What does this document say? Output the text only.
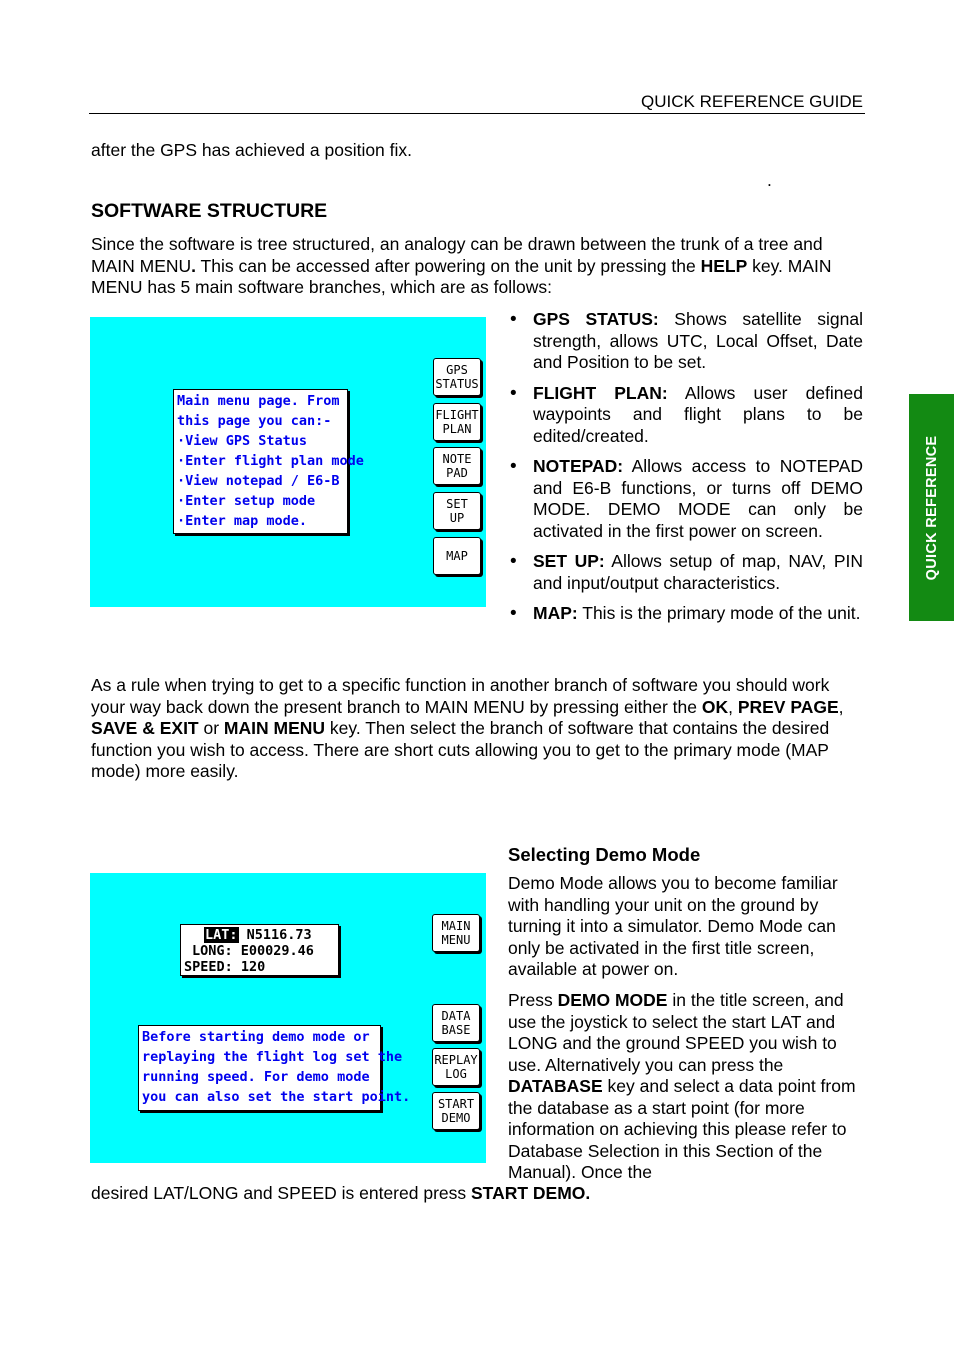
QUICK REFERENCE GUIDE
QUICK REFERENCE
after the GPS has achieved a position fix.
.
SOFTWARE STRUCTURE
Since the software is tree structured, an analogy can be drawn between the trunk of a tree and MAIN MENU. This can be accessed after powering on the unit by pressing the HELP key. MAIN MENU has 5 main software branches, which are as follows:
Main menu page. From
this page you can:-
·View GPS Status
·Enter flight plan mode
·View notepad / E6-B
·Enter setup mode
·Enter map mode.
GPS
STATUS
FLIGHT
PLAN
NOTE
PAD
SET
UP
MAP
• GPS STATUS: Shows satellite signal strength, allows UTC, Local Offset, Date and Position to be set.
• FLIGHT PLAN: Allows user defined waypoints and flight plans to be edited/created.
• NOTEPAD: Allows access to NOTEPAD and E6-B functions, or turns off DEMO MODE. DEMO MODE can only be activated in the first power on screen.
• SET UP: Allows setup of map, NAV, PIN and input/output characteristics.
• MAP: This is the primary mode of the unit.
As a rule when trying to get to a specific function in another branch of software you should work your way back down the present branch to MAIN MENU by pressing either the OK, PREV PAGE, SAVE & EXIT or MAIN MENU key. Then select the branch of software that contains the desired function you wish to access. There are short cuts allowing you to get to the primary mode (MAP mode) more easily.
Selecting Demo Mode
LAT: N5116.73
LONG: E00029.46
SPEED: 120
Before starting demo mode or
replaying the flight log set the
running speed. For demo mode
you can also set the start point.
MAIN
MENU
DATA
BASE
REPLAY
LOG
START
DEMO
Demo Mode allows you to become familiar with handling your unit on the ground by turning it into a simulator. Demo Mode can only be activated in the first title screen, available at power on.
Press DEMO MODE in the title screen, and use the joystick to select the start LAT and LONG and the ground SPEED you wish to use. Alternatively you can press the DATABASE key and select a data point from the database as a start point (for more information on achieving this please refer to Database Selection in this Section of the Manual). Once the
desired LAT/LONG and SPEED is entered press START DEMO.
